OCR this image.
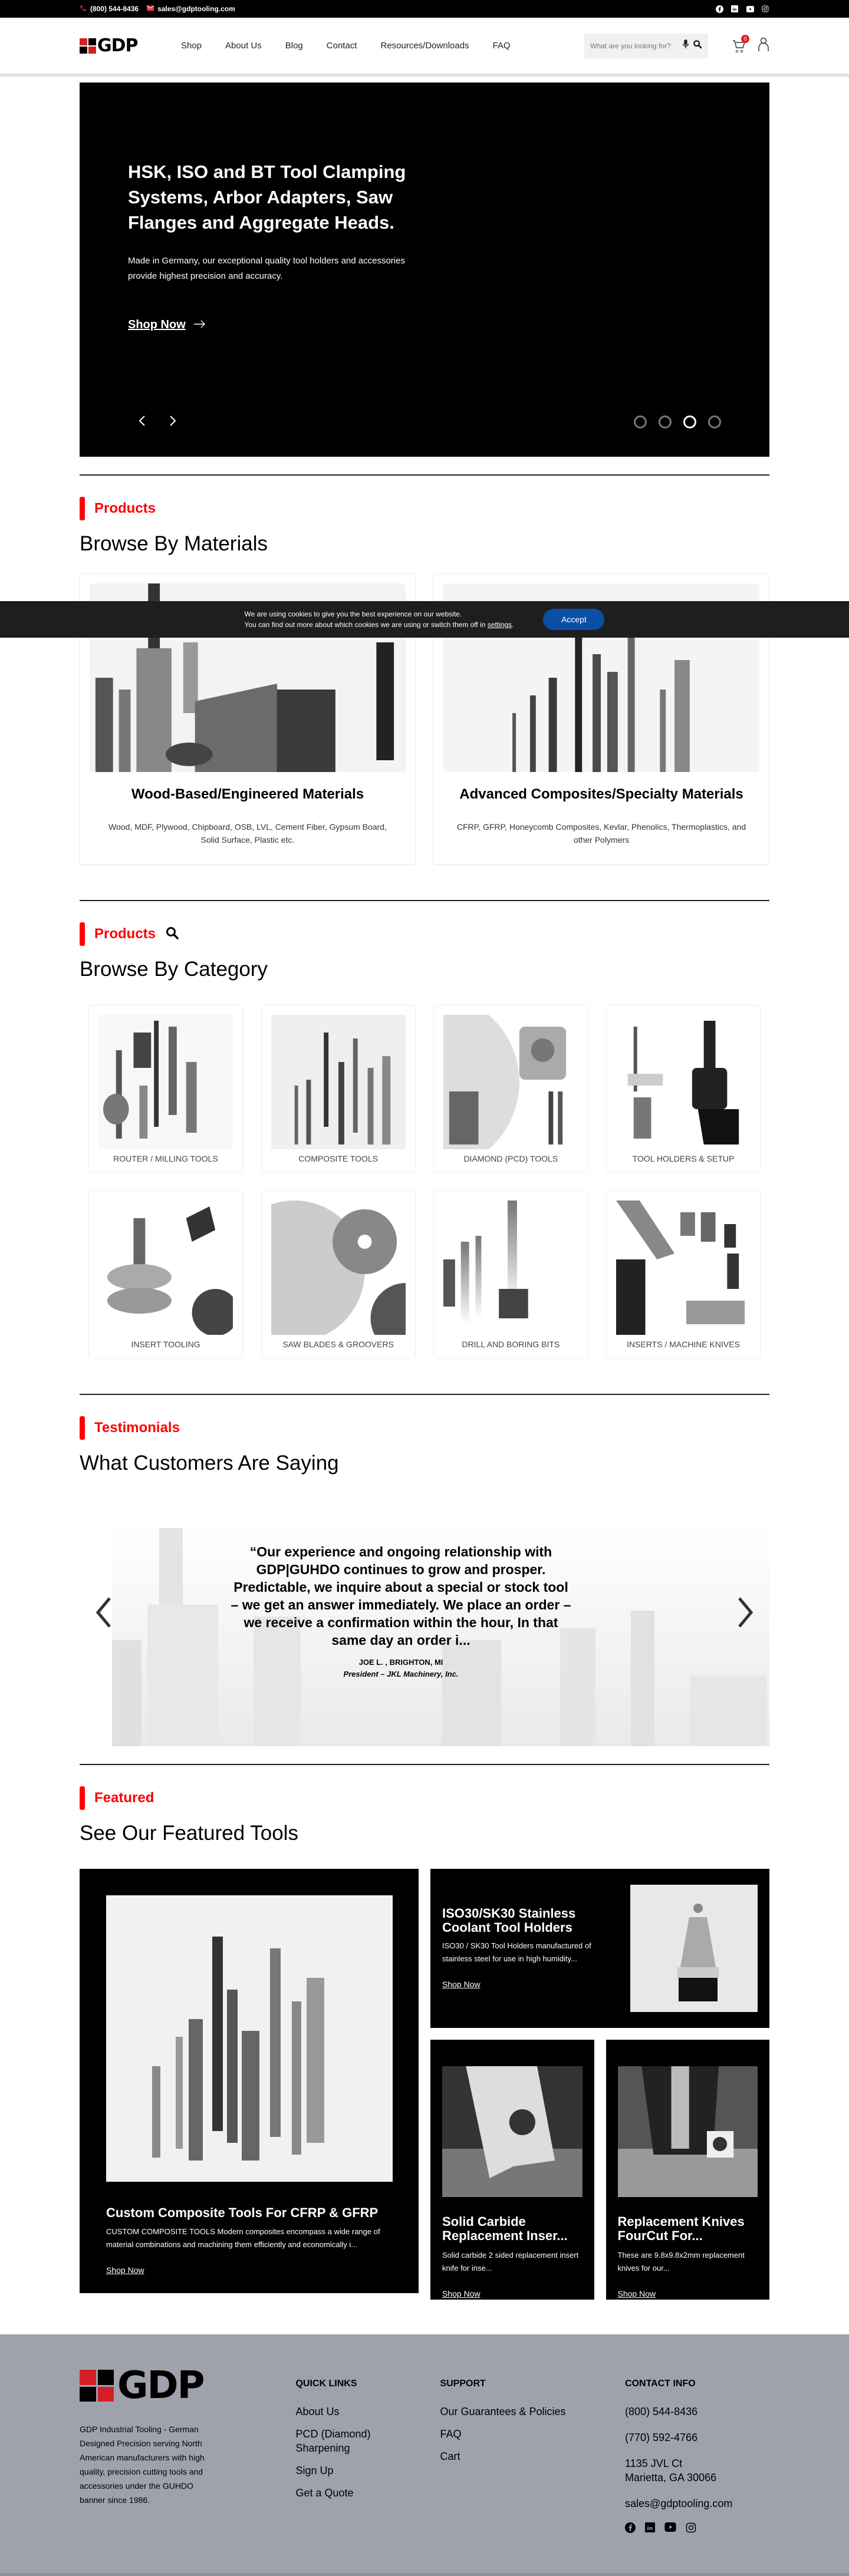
(800) 544-8436	sales@gdptooling.com	in
GDP	Shop	About Us	Blog	Contact	Resources/Downloads	FAQ
What are you looking for?
0
HSK, ISO and BT Tool Clamping Systems, Arbor Adapters, Saw Flanges and Aggregate Heads.

Made in Germany, our exceptional quality tool holders and accessories provide highest precision and accuracy.

Shop Now
Products
Browse By Materials
Wood-Based/Engineered Materials

Wood, MDF, Plywood, Chipboard, OSB, LVL, Cement Fiber, Gypsum Board, Solid Surface, Plastic etc.

Advanced Composites/Specialty Materials

CFRP, GFRP, Honeycomb Composites, Kevlar, Phenolics, Thermoplastics, and other Polymers

Products
Browse By Category
ROUTER / MILLING TOOLS	COMPOSITE TOOLS	DIAMOND (PCD) TOOLS	TOOL HOLDERS & SETUP
INSERT TOOLING	SAW BLADES & GROOVERS	DRILL AND BORING BITS	INSERTS / MACHINE KNIVES
Testimonials
What Customers Are Saying
“Our experience and ongoing relationship with GDP|GUHDO continues to grow and prosper. Predictable, we inquire about a special or stock tool – we get an answer immediately. We place an order – we receive a confirmation within the hour, In that same day an order i...
JOE L. , BRIGHTON, MI
President – JKL Machinery, Inc.
Featured
See Our Featured Tools
Custom Composite Tools For CFRP & GFRP

CUSTOM COMPOSITE TOOLS Modern composites encompass a wide range of material combinations and machining them efficiently and economically i...

Shop Now
ISO30/SK30 Stainless Coolant Tool Holders

ISO30 / SK30 Tool Holders manufactured of stainless steel for use in high humidity...

Shop Now
Solid Carbide Replacement Inser...

Solid carbide 2 sided replacement insert knife for inse...

Shop Now
Replacement Knives FourCut For...

These are 9.8x9.8x2mm replacement knives for our...

Shop Now
GDP

GDP Industrial Tooling - German Designed Precision serving North American manufacturers with high quality, precision cutting tools and accessories under the GUHDO banner since 1986.

QUICK LINKS
About Us
PCD (Diamond) Sharpening
Sign Up
Get a Quote
SUPPORT
Our Guarantees & Policies
FAQ
Cart
CONTACT INFO
(800) 544-8436
(770) 592-4766
1135 JVL Ct
Marietta, GA 30066
sales@gdptooling.com
in
We are using cookies to give you the best experience on our website.
You can find out more about which cookies we are using or switch them off in settings.
Accept
